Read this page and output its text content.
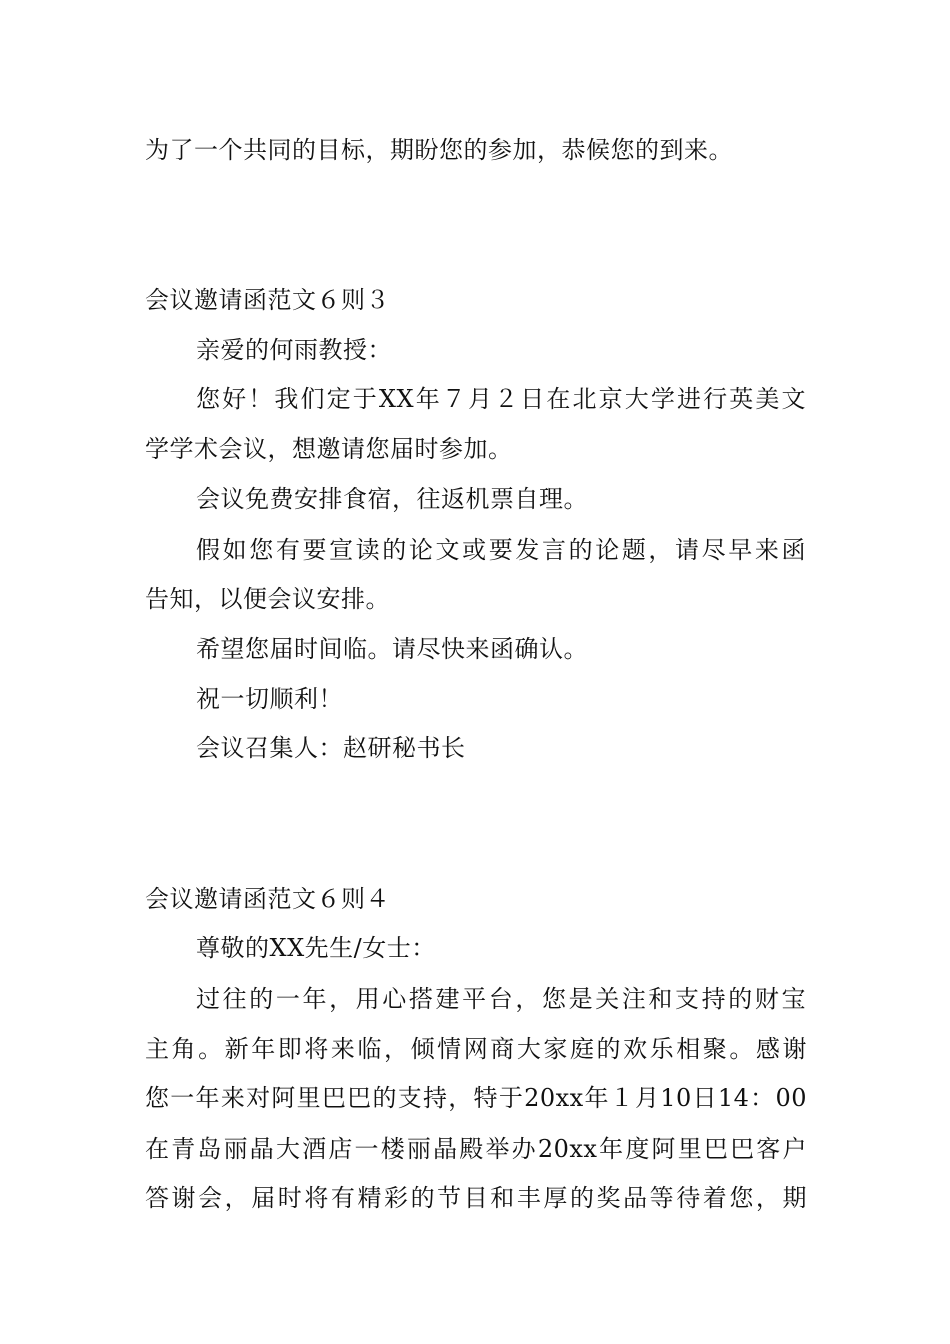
为了一个共同的目标，期盼您的参加，恭候您的到来。
会议邀请函范文６则３
亲爱的何雨教授：
您好！我们定于XX年７月２日在北京大学进行英美文
学学术会议，想邀请您届时参加。
会议免费安排食宿，往返机票自理。
假如您有要宣读的论文或要发言的论题，请尽早来函
告知，以便会议安排。
希望您届时间临。请尽快来函确认。
祝一切顺利！
会议召集人：赵研秘书长
会议邀请函范文６则４
尊敬的XX先生/女士：
过往的一年，用心搭建平台，您是关注和支持的财宝
主角。新年即将来临，倾情网商大家庭的欢乐相聚。感谢
您一年来对阿里巴巴的支持，特于20xx年１月10日14：00
在青岛丽晶大酒店一楼丽晶殿举办20xx年度阿里巴巴客户
答谢会，届时将有精彩的节目和丰厚的奖品等待着您，期
